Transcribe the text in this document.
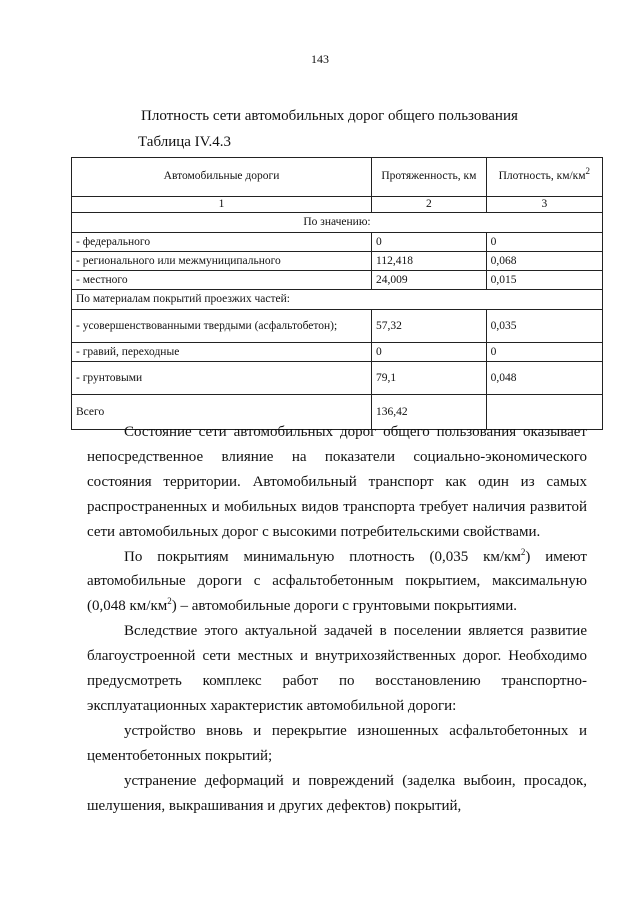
143
Плотность сети автомобильных дорог общего пользования
Таблица IV.4.3
Автомобильные дороги	Протяженность, км	Плотность, $км/км^2$
1	2	3
По значению:		
- федерального	0	0
- регионального или межмуниципального	112,418	0,068
- местного	24,009	0,015
По материалам покрытий проезжих частей:		
- усовершенствованными твердыми (асфальтобетон);	57,32	0,035
- гравий, переходные	0	0
- грунтовыми	79,1	0,048
Всего	136,42	

Состояние сети автомобильных дорог общего пользования оказывает непосредственное влияние на показатели социально-экономического состояния территории. Автомобильный транспорт как один из самых распространенных и мобильных видов транспорта требует наличия развитой сети автомобильных дорог с высокими потребительскими свойствами.

По покрытиям минимальную плотность (0,035 $км/км^2$) имеют автомобильные дороги с асфальтобетонным покрытием, максимальную (0,048 $км/км^2$) – автомобильные дороги с грунтовыми покрытиями.

Вследствие этого актуальной задачей в поселении является развитие благоустроенной сети местных и внутрихозяйственных дорог. Необходимо предусмотреть комплекс работ по восстановлению транспортно-эксплуатационных характеристик автомобильной дороги:

устройство вновь и перекрытие изношенных асфальтобетонных и цементобетонных покрытий;

устранение деформаций и повреждений (заделка выбоин, просадок, шелушения, выкрашивания и других дефектов) покрытий,
